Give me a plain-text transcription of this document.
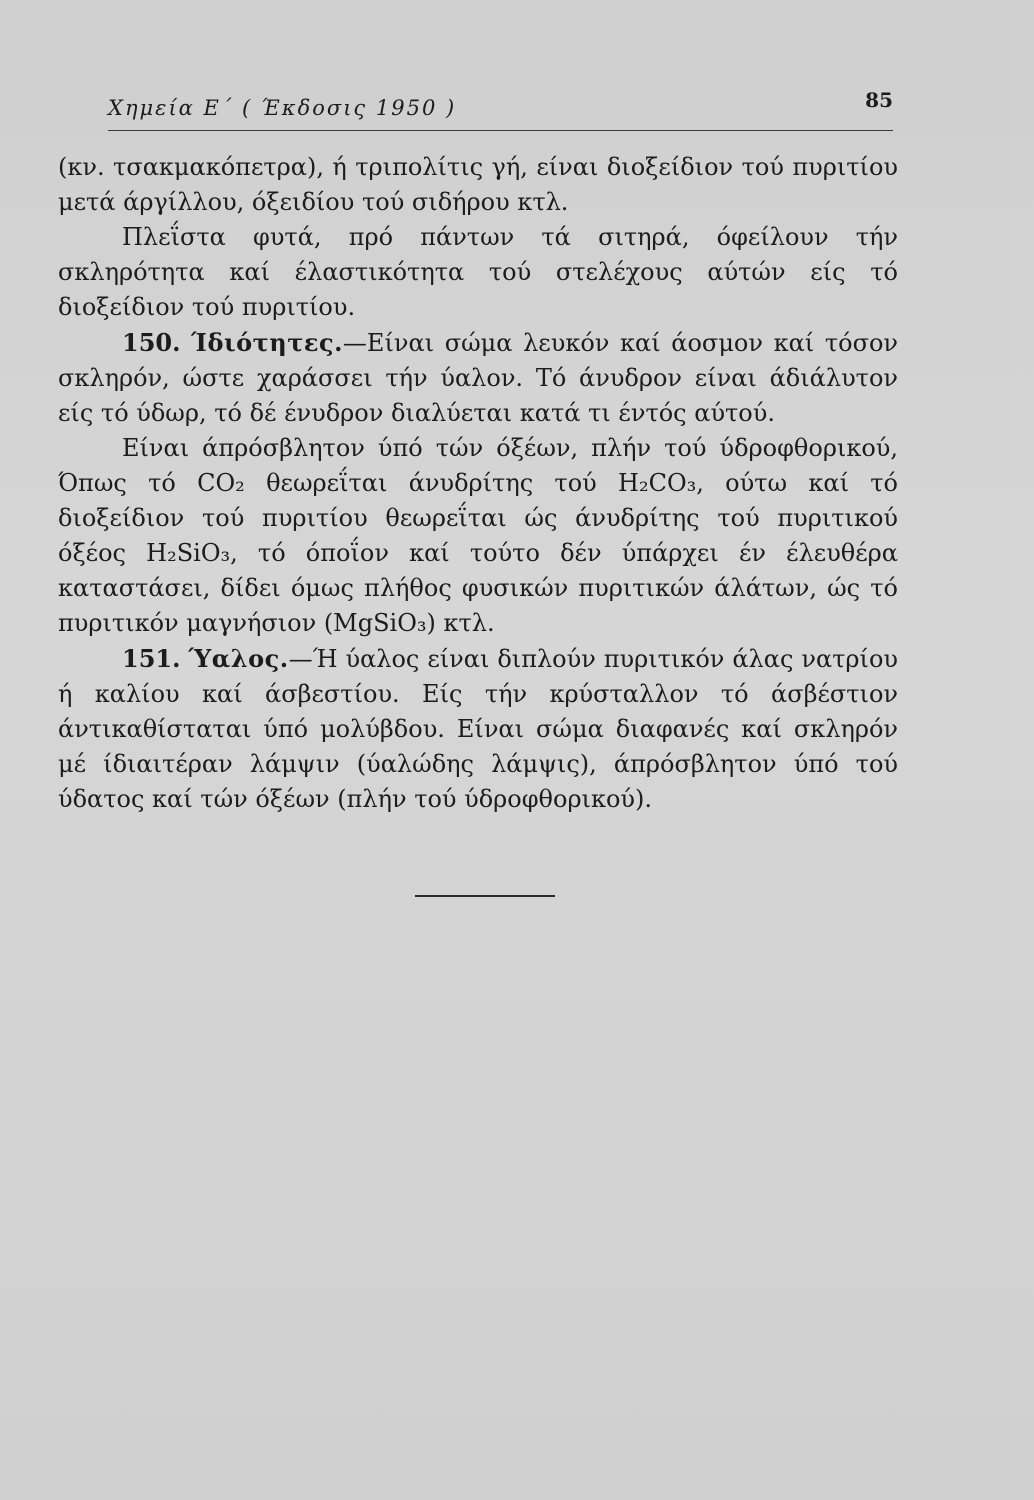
Χημεία Ε΄ ( Έκδοσις 1950 )	85

(κν. τσακμακόπετρα), ή τριπολίτις γή, είναι διοξείδιον τού πυριτίου μετά άργίλλου, όξειδίου τού σιδήρου κτλ.

Πλεΐστα φυτά, πρό πάντων τά σιτηρά, όφείλουν τήν σκληρότητα καί έλαστικότητα τού στελέχους αύτών είς τό διοξείδιον τού πυριτίου.

150. Ίδιότητες.—Είναι σώμα λευκόν καί άοσμον καί τόσον σκληρόν, ώστε χαράσσει τήν ύαλον. Τό άνυδρον είναι άδιάλυτον είς τό ύδωρ, τό δέ ένυδρον διαλύεται κατά τι έντός αύτού.

Είναι άπρόσβλητον ύπό τών όξέων, πλήν τού ύδροφθορικού, Όπως τό CO₂ θεωρεΐται άνυδρίτης τού H₂CO₃, ούτω καί τό διοξείδιον τού πυριτίου θεωρεΐται ώς άνυδρίτης τού πυριτικού όξέος H₂SiO₃, τό όποΐον καί τούτο δέν ύπάρχει έν έλευθέρα καταστάσει, δίδει όμως πλήθος φυσικών πυριτικών άλάτων, ώς τό πυριτικόν μαγνήσιον (MgSiO₃) κτλ.

151. Ύαλος.—Ή ύαλος είναι διπλούν πυριτικόν άλας νατρίου ή καλίου καί άσβεστίου. Είς τήν κρύσταλλον τό άσβέστιον άντικαθίσταται ύπό μολύβδου. Είναι σώμα διαφανές καί σκληρόν μέ ίδιαιτέραν λάμψιν (ύαλώδης λάμψις), άπρόσβλητον ύπό τού ύδατος καί τών όξέων (πλήν τού ύδροφθορικού).
